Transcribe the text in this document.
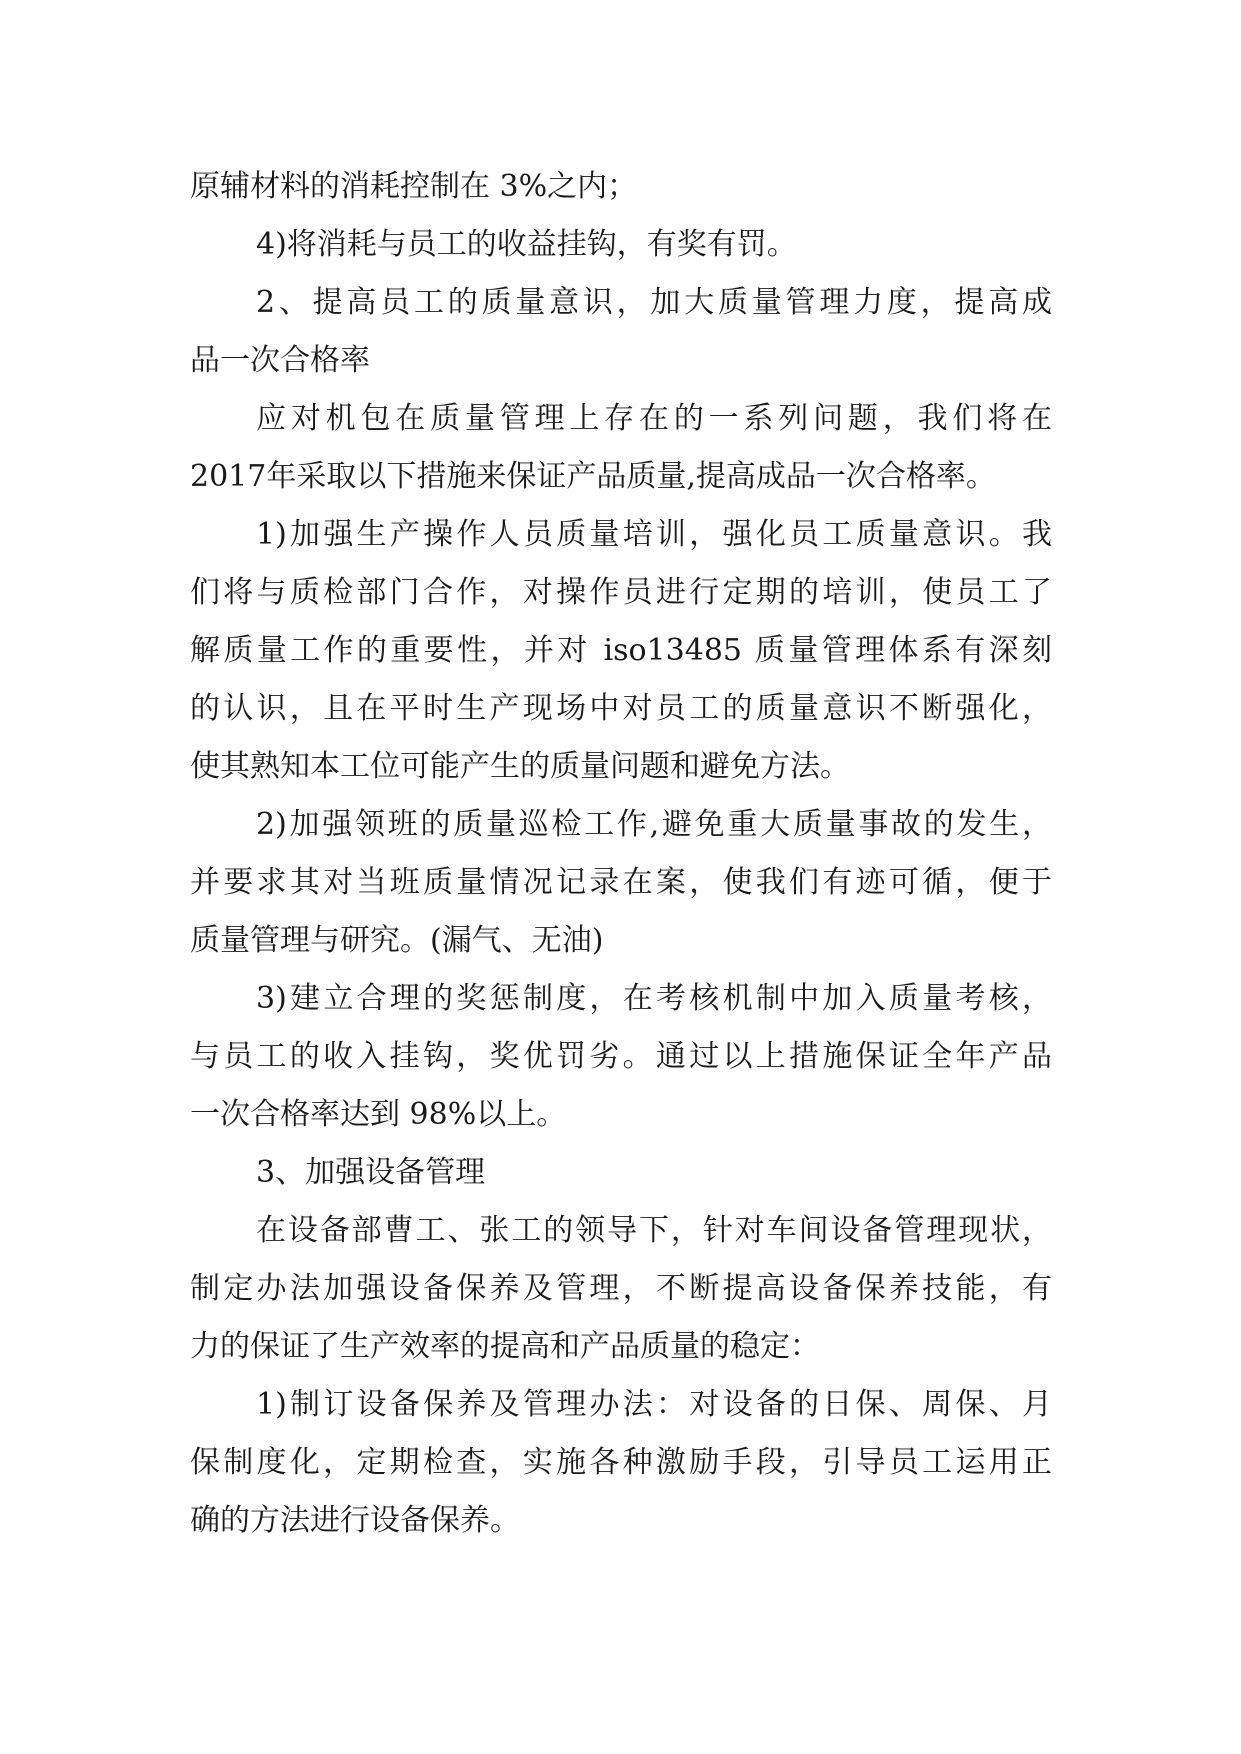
原辅材料的消耗控制在 3%之内；
4)将消耗与员工的收益挂钩，有奖有罚。
2、提高员工的质量意识，加大质量管理力度，提高成
品一次合格率
应对机包在质量管理上存在的一系列问题，我们将在
2017年采取以下措施来保证产品质量,提高成品一次合格率。
1)加强生产操作人员质量培训，强化员工质量意识。我
们将与质检部门合作，对操作员进行定期的培训，使员工了
解质量工作的重要性，并对 iso13485 质量管理体系有深刻
的认识，且在平时生产现场中对员工的质量意识不断强化，
使其熟知本工位可能产生的质量问题和避免方法。
2)加强领班的质量巡检工作,避免重大质量事故的发生，
并要求其对当班质量情况记录在案，使我们有迹可循，便于
质量管理与研究。(漏气、无油)
3)建立合理的奖惩制度，在考核机制中加入质量考核，
与员工的收入挂钩，奖优罚劣。通过以上措施保证全年产品
一次合格率达到 98%以上。
3、加强设备管理
在设备部曹工、张工的领导下，针对车间设备管理现状，
制定办法加强设备保养及管理，不断提高设备保养技能，有
力的保证了生产效率的提高和产品质量的稳定：
1)制订设备保养及管理办法：对设备的日保、周保、月
保制度化，定期检查，实施各种激励手段，引导员工运用正
确的方法进行设备保养。
